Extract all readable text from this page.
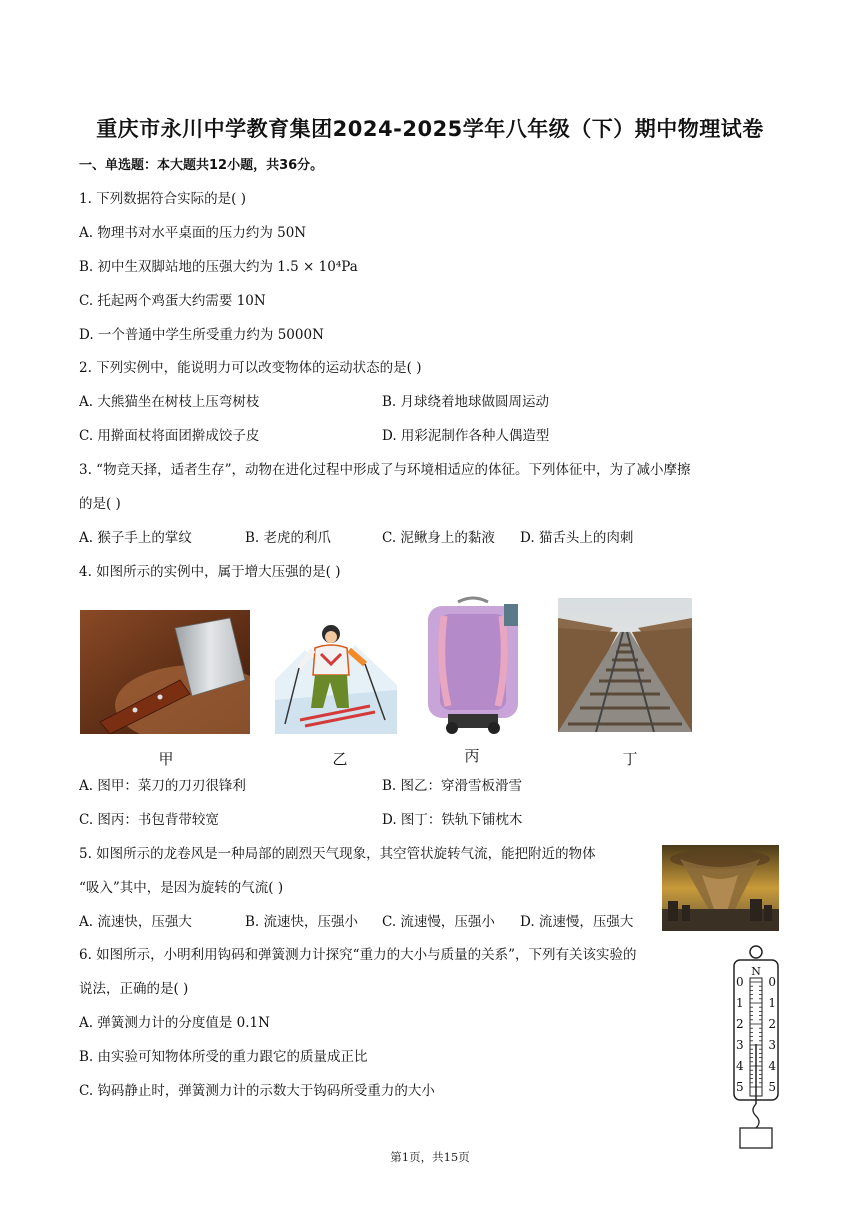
重庆市永川中学教育集团2024-2025学年八年级（下）期中物理试卷
一、单选题：本大题共12小题，共36分。
1. 下列数据符合实际的是( )
A. 物理书对水平桌面的压力约为 50N
B. 初中生双脚站地的压强大约为 1.5 × 10⁴Pa
C. 托起两个鸡蛋大约需要 10N
D. 一个普通中学生所受重力约为 5000N
2. 下列实例中，能说明力可以改变物体的运动状态的是( )
A. 大熊猫坐在树枝上压弯树枝	B. 月球绕着地球做圆周运动
C. 用擀面杖将面团擀成饺子皮	D. 用彩泥制作各种人偶造型
3. “物竞天择，适者生存”，动物在进化过程中形成了与环境相适应的体征。下列体征中，为了减小摩擦
的是( )
A. 猴子手上的掌纹	B. 老虎的利爪	C. 泥鳅身上的黏液 D. 猫舌头上的肉刺
4. 如图所示的实例中，属于增大压强的是( )
甲	乙	丙	丁
A. 图甲：菜刀的刀刃很锋利	B. 图乙：穿滑雪板滑雪
C. 图丙：书包背带较宽	D. 图丁：铁轨下铺枕木
5. 如图所示的龙卷风是一种局部的剧烈天气现象，其空管状旋转气流，能把附近的物体
“吸入”其中，是因为旋转的气流( )
A. 流速快，压强大	B. 流速快，压强小 C. 流速慢，压强小 D. 流速慢，压强大
6. 如图所示，小明利用钩码和弹簧测力计探究“重力的大小与质量的关系”，下列有关该实验的
说法，正确的是( )
A. 弹簧测力计的分度值是 0.1N
B. 由实验可知物体所受的重力跟它的质量成正比
C. 钩码静止时，弹簧测力计的示数大于钩码所受重力的大小
N
0 0
1 1
2 2
3 3
4 4
5 5
第1页，共15页
